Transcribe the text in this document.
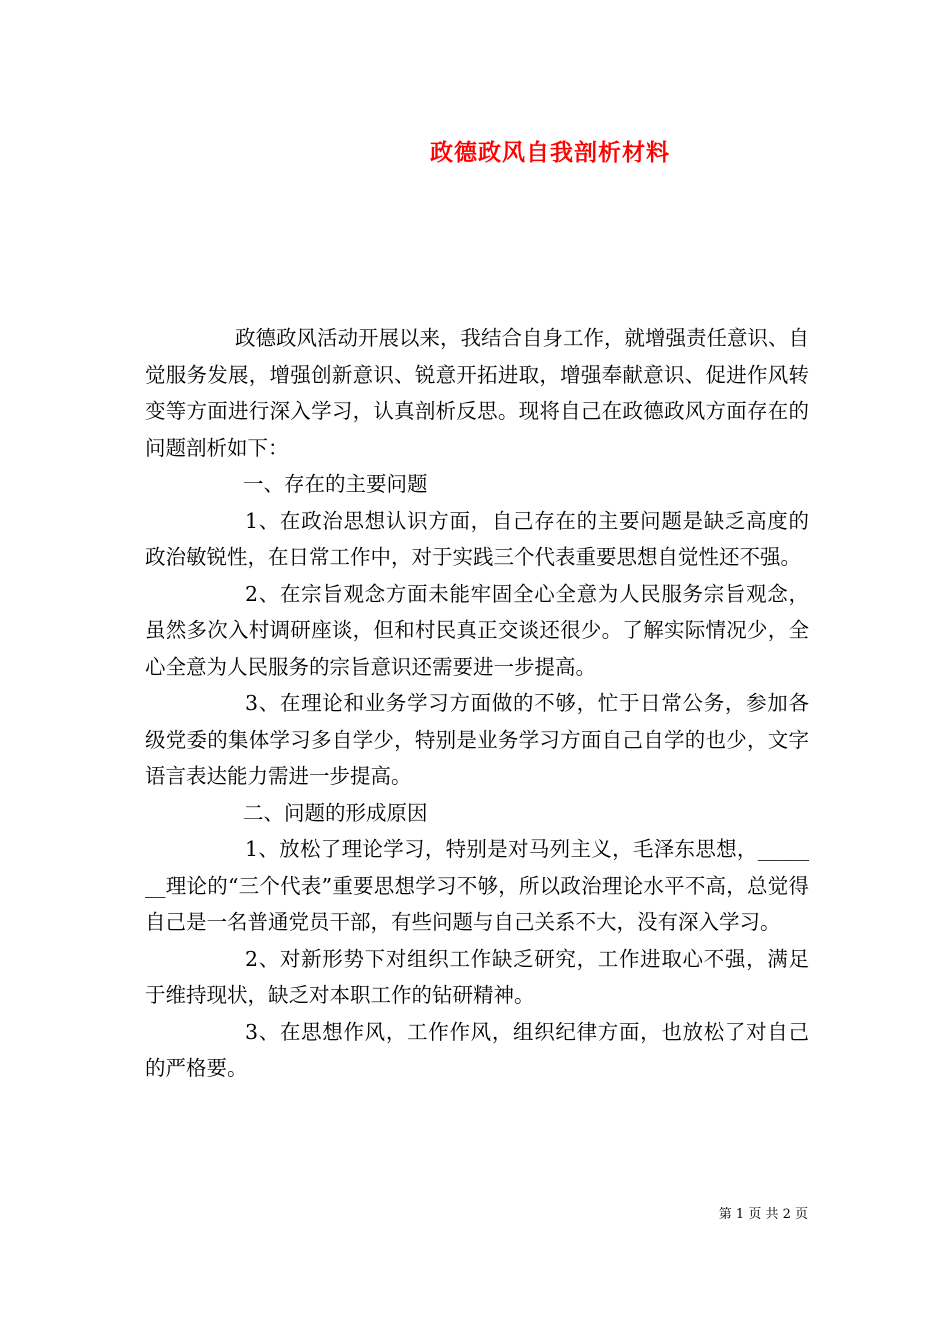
政德政风自我剖析材料

政德政风活动开展以来，我结合自身工作，就增强责任意识、自觉服务发展，增强创新意识、锐意开拓进取，增强奉献意识、促进作风转变等方面进行深入学习，认真剖析反思。现将自己在政德政风方面存在的问题剖析如下：

一、存在的主要问题

1、在政治思想认识方面，自己存在的主要问题是缺乏高度的政治敏锐性，在日常工作中，对于实践三个代表重要思想自觉性还不强。

2、在宗旨观念方面未能牢固全心全意为人民服务宗旨观念，虽然多次入村调研座谈，但和村民真正交谈还很少。了解实际情况少，全心全意为人民服务的宗旨意识还需要进一步提高。

3、在理论和业务学习方面做的不够，忙于日常公务，参加各级党委的集体学习多自学少，特别是业务学习方面自己自学的也少，文字语言表达能力需进一步提高。

二、问题的形成原因

1、放松了理论学习，特别是对马列主义，毛泽东思想，_______理论的“三个代表”重要思想学习不够，所以政治理论水平不高，总觉得自己是一名普通党员干部，有些问题与自己关系不大，没有深入学习。

2、对新形势下对组织工作缺乏研究，工作进取心不强，满足于维持现状，缺乏对本职工作的钻研精神。

3、在思想作风，工作作风，组织纪律方面，也放松了对自己的严格要。

第 1 页 共 2 页
